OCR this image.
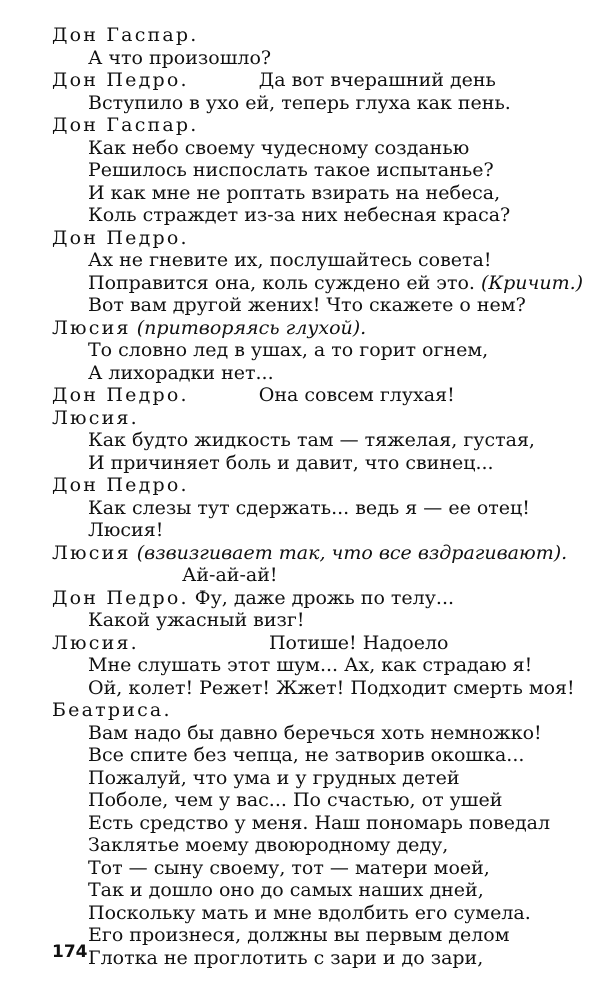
Дон Гаспар.
А что произошло?
Дон Педро.	Да вот вчерашний день
Вступило в ухо ей, теперь глуха как пень.
Дон Гаспар.
Как небо своему чудесному созданью
Решилось ниспослать такое испытанье?
И как мне не роптать взирать на небеса,
Коль страждет из-за них небесная краса?
Дон Педро.
Ах не гневите их, послушайтесь совета!
Поправится она, коль суждено ей это. (Кричит.)
Вот вам другой жених! Что скажете о нем?
Люсия (притворяясь глухой).
То словно лед в ушах, а то горит огнем,
А лихорадки нет...
Дон Педро.	Она совсем глухая!
Люсия.
Как будто жидкость там — тяжелая, густая,
И причиняет боль и давит, что свинец...
Дон Педро.
Как слезы тут сдержать... ведь я — ее отец!
Люсия!
Люсия (взвизгивает так, что все вздрагивают).
Ай-ай-ай!
Дон Педро. Фу, даже дрожь по телу...
Какой ужасный визг!
Люсия.	Потише! Надоело
Мне слушать этот шум... Ах, как страдаю я!
Ой, колет! Режет! Жжет! Подходит смерть моя!
Беатриса.
Вам надо бы давно беречься хоть немножко!
Все спите без чепца, не затворив окошка...
Пожалуй, что ума и у грудных детей
Поболе, чем у вас... По счастью, от ушей
Есть средство у меня. Наш пономарь поведал
Заклятье моему двоюродному деду,
Тот — сыну своему, тот — матери моей,
Так и дошло оно до самых наших дней,
Поскольку мать и мне вдолбить его сумела.
Его произнеся, должны вы первым делом
Глотка не проглотить с зари и до зари,
174
